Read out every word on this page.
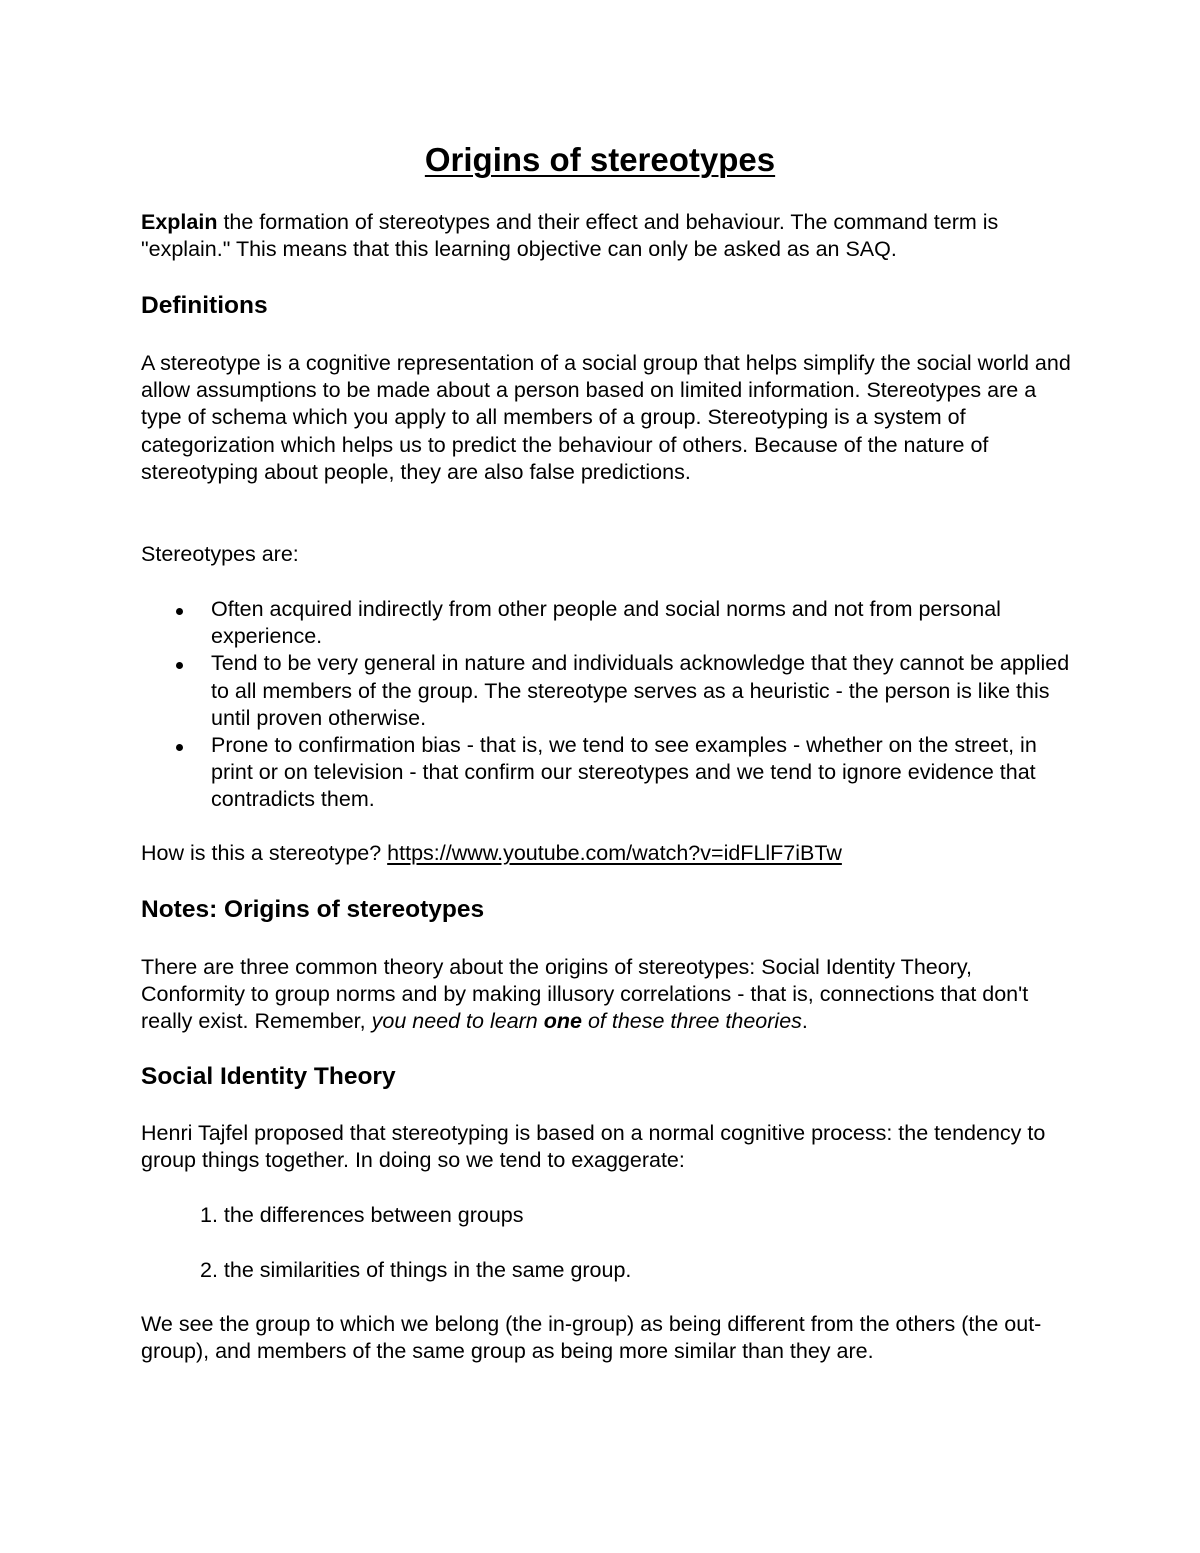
Origins of stereotypes
Explain the formation of stereotypes and their effect and behaviour. The command term is "explain." This means that this learning objective can only be asked as an SAQ.
Definitions
A stereotype is a cognitive representation of a social group that helps simplify the social world and allow assumptions to be made about a person based on limited information. Stereotypes are a type of schema which you apply to all members of a group. Stereotyping is a system of categorization which helps us to predict the behaviour of others. Because of the nature of stereotyping about people, they are also false predictions.
Stereotypes are:
Often acquired indirectly from other people and social norms and not from personal experience.
Tend to be very general in nature and individuals acknowledge that they cannot be applied to all members of the group. The stereotype serves as a heuristic - the person is like this until proven otherwise.
Prone to confirmation bias - that is, we tend to see examples - whether on the street, in print or on television - that confirm our stereotypes and we tend to ignore evidence that contradicts them.
How is this a stereotype? https://www.youtube.com/watch?v=idFLlF7iBTw
Notes: Origins of stereotypes
There are three common theory about the origins of stereotypes: Social Identity Theory, Conformity to group norms and by making illusory correlations - that is, connections that don't really exist. Remember, you need to learn one of these three theories.
Social Identity Theory
Henri Tajfel proposed that stereotyping is based on a normal cognitive process: the tendency to group things together. In doing so we tend to exaggerate:
1. the differences between groups
2. the similarities of things in the same group.
We see the group to which we belong (the in-group) as being different from the others (the out-group), and members of the same group as being more similar than they are.
